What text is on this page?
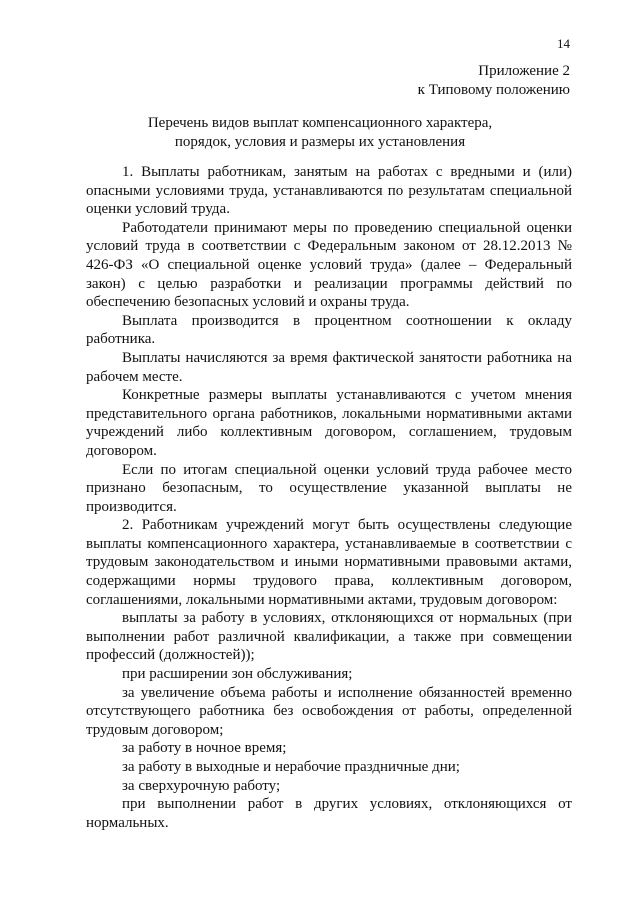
14
Приложение 2
к Типовому положению
Перечень видов выплат компенсационного характера,
порядок, условия и размеры их установления

1. Выплаты работникам, занятым на работах с вредными и (или) опасными условиями труда, устанавливаются по результатам специальной оценки условий труда.

Работодатели принимают меры по проведению специальной оценки условий труда в соответствии с Федеральным законом от 28.12.2013 № 426-ФЗ «О специальной оценке условий труда» (далее – Федеральный закон) с целью разработки и реализации программы действий по обеспечению безопасных условий и охраны труда.

Выплата производится в процентном соотношении к окладу работника.

Выплаты начисляются за время фактической занятости работника на рабочем месте.

Конкретные размеры выплаты устанавливаются с учетом мнения представительного органа работников, локальными нормативными актами учреждений либо коллективным договором, соглашением, трудовым договором.

Если по итогам специальной оценки условий труда рабочее место признано безопасным, то осуществление указанной выплаты не производится.

2. Работникам учреждений могут быть осуществлены следующие выплаты компенсационного характера, устанавливаемые в соответствии с трудовым законодательством и иными нормативными правовыми актами, содержащими нормы трудового права, коллективным договором, соглашениями, локальными нормативными актами, трудовым договором:

выплаты за работу в условиях, отклоняющихся от нормальных (при выполнении работ различной квалификации, а также при совмещении профессий (должностей));

при расширении зон обслуживания;

за увеличение объема работы и исполнение обязанностей временно отсутствующего работника без освобождения от работы, определенной трудовым договором;

за работу в ночное время;

за работу в выходные и нерабочие праздничные дни;

за сверхурочную работу;

при выполнении работ в других условиях, отклоняющихся от нормальных.
